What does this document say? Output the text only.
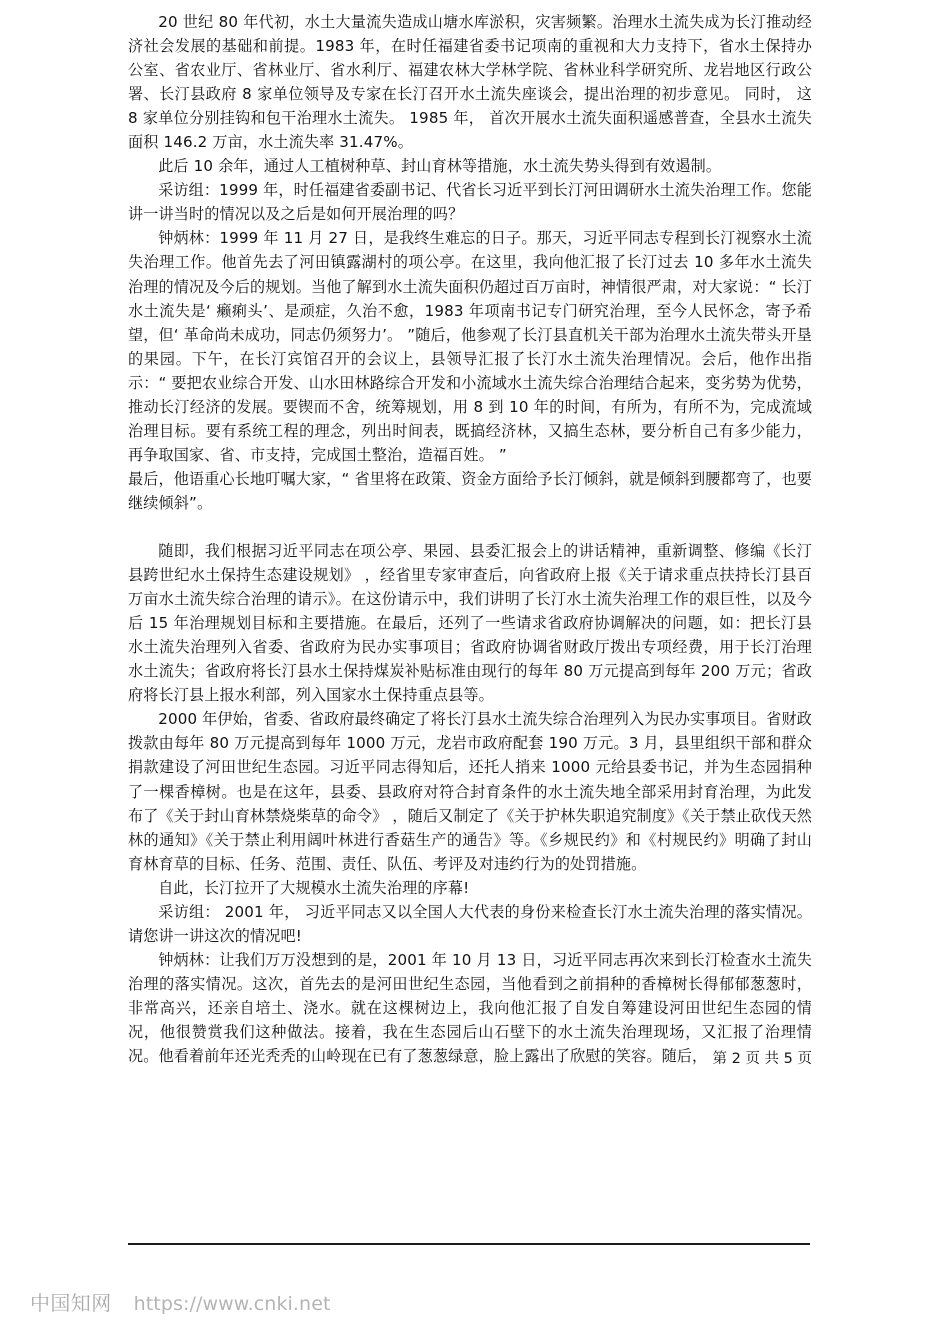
20 世纪 80 年代初，水土大量流失造成山塘水库淤积，灾害频繁。治理水土流失成为长汀推动经济社会发展的基础和前提。1983 年，在时任福建省委书记项南的重视和大力支持下，省水土保持办公室、省农业厅、省林业厅、省水利厅、福建农林大学林学院、省林业科学研究所、龙岩地区行政公署、长汀县政府 8 家单位领导及专家在长汀召开水土流失座谈会，提出治理的初步意见。 同时， 这 8 家单位分别挂钩和包干治理水土流失。 1985 年， 首次开展水土流失面积遥感普查，全县水土流失面积 146.2 万亩，水土流失率 31.47%。

此后 10 余年，通过人工植树种草、封山育林等措施，水土流失势头得到有效遏制。

采访组：1999 年，时任福建省委副书记、代省长习近平到长汀河田调研水土流失治理工作。您能讲一讲当时的情况以及之后是如何开展治理的吗？

钟炳林：1999 年 11 月 27 日，是我终生难忘的日子。那天，习近平同志专程到长汀视察水土流失治理工作。他首先去了河田镇露湖村的项公亭。在这里，我向他汇报了长汀过去 10 多年水土流失治理的情况及今后的规划。当他了解到水土流失面积仍超过百万亩时，神情很严肃，对大家说：“ 长汀水土流失是‘ 癞痢头’、是顽症，久治不愈，1983 年项南书记专门研究治理，至今人民怀念，寄予希望，但‘ 革命尚未成功，同志仍须努力’。 ”随后，他参观了长汀县直机关干部为治理水土流失带头开垦的果园。下午，在长汀宾馆召开的会议上，县领导汇报了长汀水土流失治理情况。会后，他作出指示：“ 要把农业综合开发、山水田林路综合开发和小流域水土流失综合治理结合起来，变劣势为优势，推动长汀经济的发展。要锲而不舍，统筹规划，用 8 到 10 年的时间，有所为，有所不为，完成流域治理目标。要有系统工程的理念，列出时间表，既搞经济林，又搞生态林，要分析自己有多少能力，再争取国家、省、市支持，完成国土整治，造福百姓。 ”

最后，他语重心长地叮嘱大家，“ 省里将在政策、资金方面给予长汀倾斜，就是倾斜到腰都弯了，也要继续倾斜”。

随即，我们根据习近平同志在项公亭、果园、县委汇报会上的讲话精神，重新调整、修编《长汀县跨世纪水土保持生态建设规划》 ，经省里专家审查后，向省政府上报《关于请求重点扶持长汀县百万亩水土流失综合治理的请示》。在这份请示中，我们讲明了长汀水土流失治理工作的艰巨性，以及今后 15 年治理规划目标和主要措施。在最后，还列了一些请求省政府协调解决的问题，如：把长汀县水土流失治理列入省委、省政府为民办实事项目；省政府协调省财政厅拨出专项经费，用于长汀治理水土流失；省政府将长汀县水土保持煤炭补贴标准由现行的每年 80 万元提高到每年 200 万元；省政府将长汀县上报水利部，列入国家水土保持重点县等。

2000 年伊始，省委、省政府最终确定了将长汀县水土流失综合治理列入为民办实事项目。省财政拨款由每年 80 万元提高到每年 1000 万元，龙岩市政府配套 190 万元。3 月，县里组织干部和群众捐款建设了河田世纪生态园。习近平同志得知后，还托人捎来 1000 元给县委书记，并为生态园捐种了一棵香樟树。也是在这年，县委、县政府对符合封育条件的水土流失地全部采用封育治理，为此发布了《关于封山育林禁烧柴草的命令》 ，随后又制定了《关于护林失职追究制度》《关于禁止砍伐天然林的通知》《关于禁止利用阔叶林进行香菇生产的通告》等。《乡规民约》和《村规民约》明确了封山育林育草的目标、任务、范围、责任、队伍、考评及对违约行为的处罚措施。

自此，长汀拉开了大规模水土流失治理的序幕!

采访组： 2001 年， 习近平同志又以全国人大代表的身份来检查长汀水土流失治理的落实情况。请您讲一讲这次的情况吧!

钟炳林：让我们万万没想到的是，2001 年 10 月 13 日，习近平同志再次来到长汀检查水土流失治理的落实情况。这次，首先去的是河田世纪生态园，当他看到之前捐种的香樟树长得郁郁葱葱时，非常高兴，还亲自培土、浇水。就在这棵树边上，我向他汇报了自发自筹建设河田世纪生态园的情况，他很赞赏我们这种做法。接着，我在生态园后山石壁下的水土流失治理现场，又汇报了治理情况。他看着前年还光秃秃的山岭现在已有了葱葱绿意，脸上露出了欣慰的笑容。随后， 第 2 页 共 5 页
中国知网 https://www.cnki.net
